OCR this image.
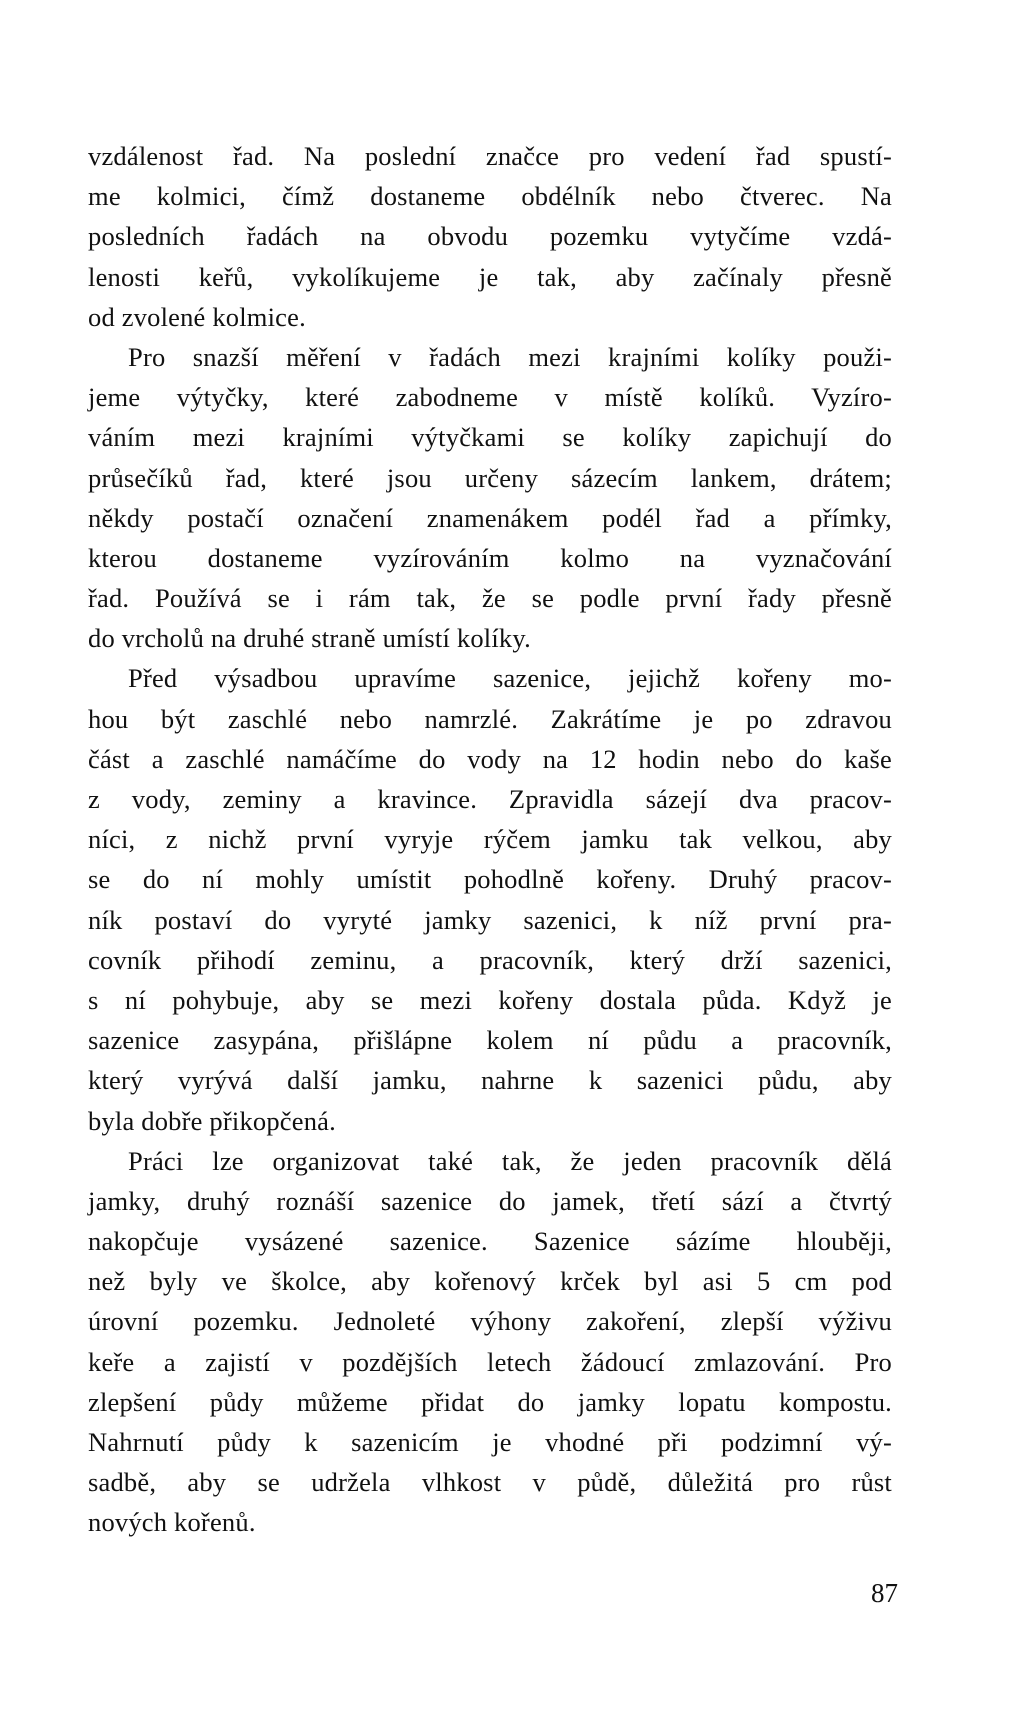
vzdálenost řad. Na poslední značce pro vedení řad spustí-
me kolmici, čímž dostaneme obdélník nebo čtverec. Na
posledních řadách na obvodu pozemku vytyčíme vzdá-
lenosti keřů, vykolíkujeme je tak, aby začínaly přesně
od zvolené kolmice.
Pro snazší měření v řadách mezi krajními kolíky použi-
jeme výtyčky, které zabodneme v místě kolíků. Vyzíro-
váním mezi krajními výtyčkami se kolíky zapichují do
průsečíků řad, které jsou určeny sázecím lankem, drátem;
někdy postačí označení znamenákem podél řad a přímky,
kterou dostaneme vyzírováním kolmo na vyznačování
řad. Používá se i rám tak, že se podle první řady přesně
do vrcholů na druhé straně umístí kolíky.
Před výsadbou upravíme sazenice, jejichž kořeny mo-
hou být zaschlé nebo namrzlé. Zakrátíme je po zdravou
část a zaschlé namáčíme do vody na 12 hodin nebo do kaše
z vody, zeminy a kravince. Zpravidla sázejí dva pracov-
níci, z nichž první vyryje rýčem jamku tak velkou, aby
se do ní mohly umístit pohodlně kořeny. Druhý pracov-
ník postaví do vyryté jamky sazenici, k níž první pra-
covník přihodí zeminu, a pracovník, který drží sazenici,
s ní pohybuje, aby se mezi kořeny dostala půda. Když je
sazenice zasypána, přišlápne kolem ní půdu a pracovník,
který vyrývá další jamku, nahrne k sazenici půdu, aby
byla dobře přikopčená.
Práci lze organizovat také tak, že jeden pracovník dělá
jamky, druhý roznáší sazenice do jamek, třetí sází a čtvrtý
nakopčuje vysázené sazenice. Sazenice sázíme hlouběji,
než byly ve školce, aby kořenový krček byl asi 5 cm pod
úrovní pozemku. Jednoleté výhony zakoření, zlepší výživu
keře a zajistí v pozdějších letech žádoucí zmlazování. Pro
zlepšení půdy můžeme přidat do jamky lopatu kompostu.
Nahrnutí půdy k sazenicím je vhodné při podzimní vý-
sadbě, aby se udržela vlhkost v půdě, důležitá pro růst
nových kořenů.
87
